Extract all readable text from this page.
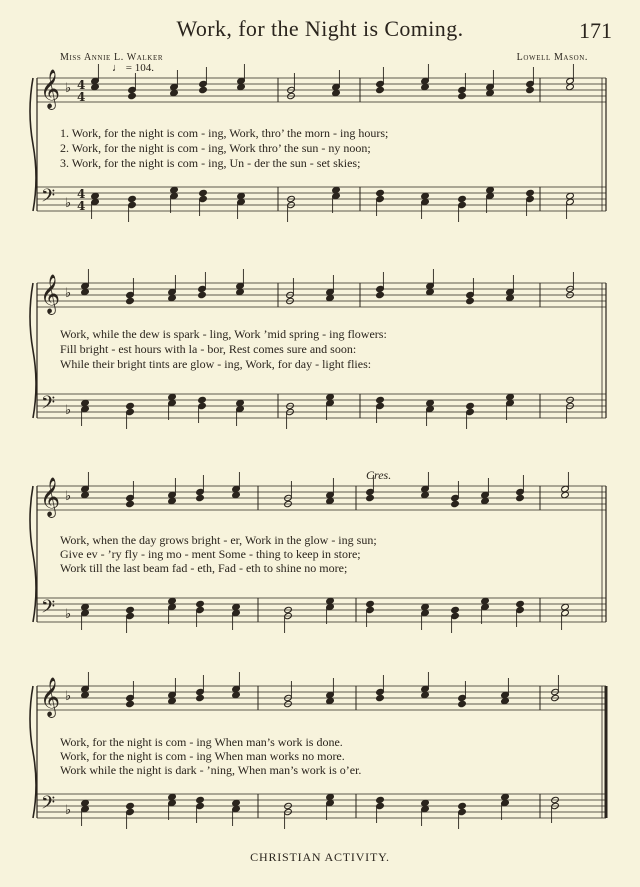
Work, for the Night is Coming.	171
Miss Annie L. Walker	Lowell Mason.
♩ = 104.
Cres.
𝄞
𝄢
♭
♭
4
4
4
4
𝄞
𝄢
♭
♭
𝄞
𝄢
♭
♭
𝄞
𝄢
♭
♭
1. Work, for the night is com - ing, Work, thro’ the morn - ing hours;
2. Work, for the night is com - ing, Work thro’ the sun - ny noon;
3. Work, for the night is com - ing, Un - der the sun - set skies;
Work, while the dew is spark - ling, Work ’mid spring - ing flowers:
Fill bright - est hours with la - bor, Rest comes sure and soon:
While their bright tints are glow - ing, Work, for day - light flies:
Work, when the day grows bright - er, Work in the glow - ing sun;
Give ev - ’ry fly - ing mo - ment Some - thing to keep in store;
Work till the last beam fad - eth, Fad - eth to shine no more;
Work, for the night is com - ing When man’s work is done.
Work, for the night is com - ing When man works no more.
Work while the night is dark - ’ning, When man’s work is o’er.
CHRISTIAN ACTIVITY.
